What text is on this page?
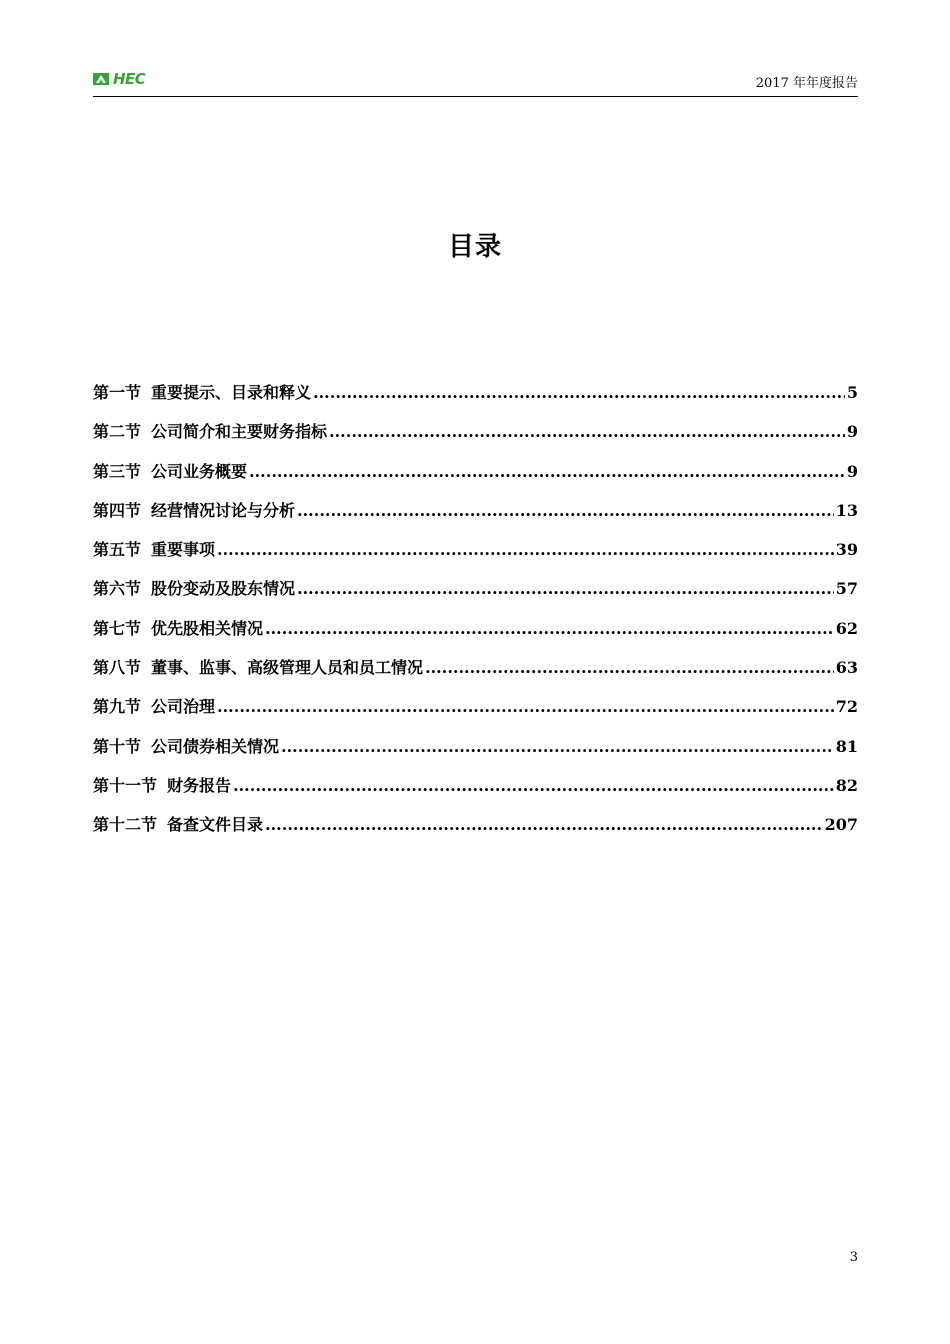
HEC	2017 年年度报告
目录
第一节 重要提示、目录和释义 .....	5
第二节 公司简介和主要财务指标 .....	9
第三节 公司业务概要 .....	9
第四节 经营情况讨论与分析 .....	13
第五节 重要事项 .....	39
第六节 股份变动及股东情况 .....	57
第七节 优先股相关情况 .....	62
第八节 董事、监事、高级管理人员和员工情况 .....	63
第九节 公司治理 .....	72
第十节 公司债券相关情况 .....	81
第十一节 财务报告 .....	82
第十二节 备查文件目录 .....	207
3
